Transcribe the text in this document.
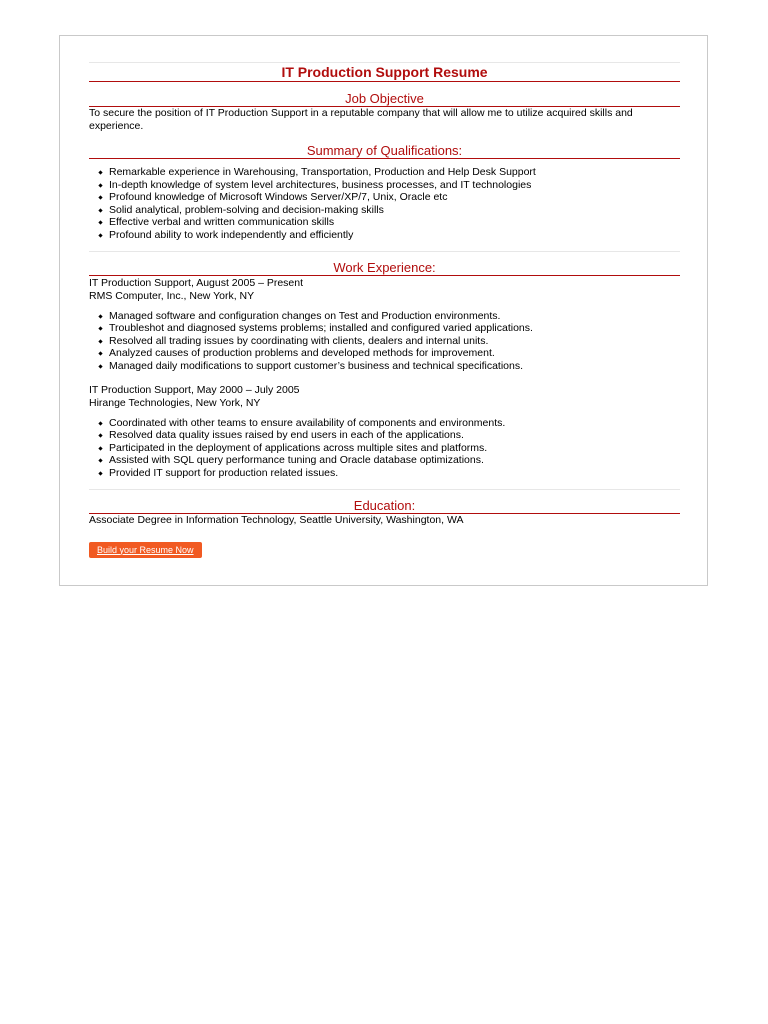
IT Production Support Resume
Job Objective

To secure the position of IT Production Support in a reputable company that will allow me to utilize acquired skills and experience.

Summary of Qualifications:
Remarkable experience in Warehousing, Transportation, Production and Help Desk Support
In-depth knowledge of system level architectures, business processes, and IT technologies
Profound knowledge of Microsoft Windows Server/XP/7, Unix, Oracle etc
Solid analytical, problem-solving and decision-making skills
Effective verbal and written communication skills
Profound ability to work independently and efficiently
Work Experience:

IT Production Support, August 2005 – Present

RMS Computer, Inc., New York, NY

Managed software and configuration changes on Test and Production environments.
Troubleshot and diagnosed systems problems; installed and configured varied applications.
Resolved all trading issues by coordinating with clients, dealers and internal units.
Analyzed causes of production problems and developed methods for improvement.
Managed daily modifications to support customer’s business and technical specifications.

IT Production Support, May 2000 – July 2005

Hirange Technologies, New York, NY

Coordinated with other teams to ensure availability of components and environments.
Resolved data quality issues raised by end users in each of the applications.
Participated in the deployment of applications across multiple sites and platforms.
Assisted with SQL query performance tuning and Oracle database optimizations.
Provided IT support for production related issues.
Education:

Associate Degree in Information Technology, Seattle University, Washington, WA

Build your Resume Now
